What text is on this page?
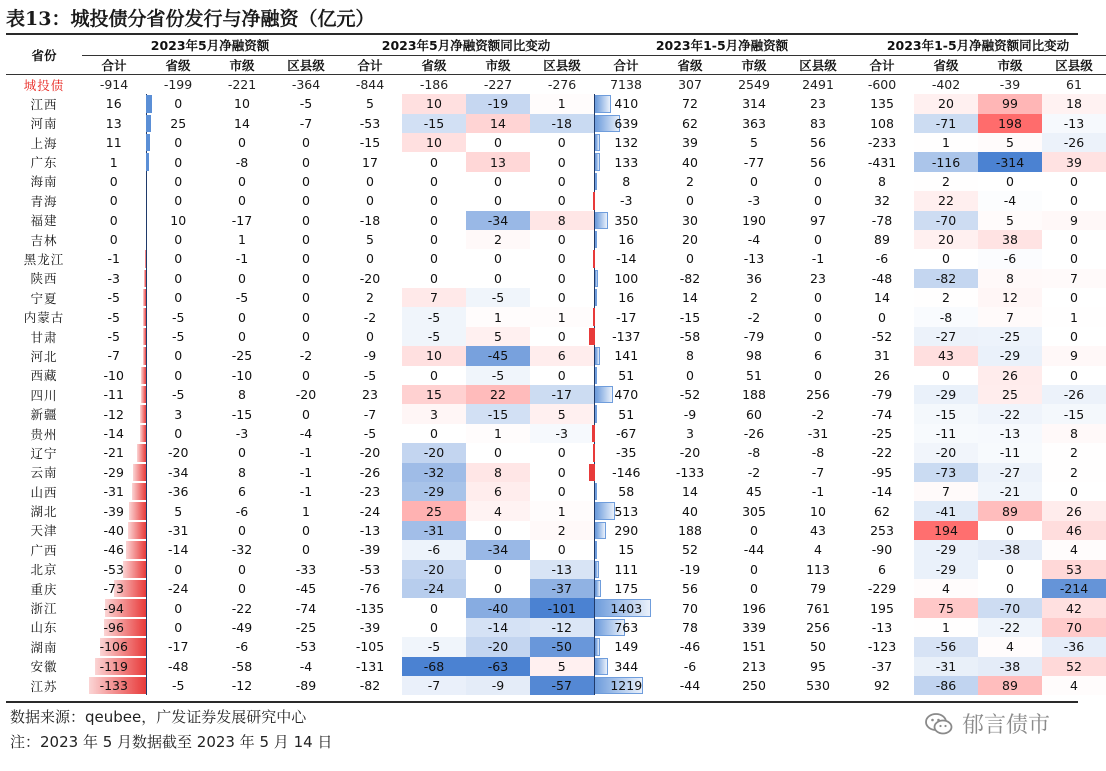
表13：城投债分省份发行与净融资（亿元）
省份	2023年5月净融资额				2023年5月净融资额同比变动				2023年1-5月净融资额				2023年1-5月净融资额同比变动			
	合计	省级	市级	区县级	合计	省级	市级	区县级	合计	省级	市级	区县级	合计	省级	市级	区县级
城投债	-914	-199	-221	-364	-844	-186	-227	-276	7138	307	2549	2491	-600	-402	-39	61
江西	16	0	10	-5	5	10	-19	1	410	72	314	23	135	20	99	18
河南	13	25	14	-7	-53	-15	14	-18	639	62	363	83	108	-71	198	-13
上海	11	0	0	0	-15	10	0	0	132	39	5	56	-233	1	5	-26
广东	1	0	-8	0	17	0	13	0	133	40	-77	56	-431	-116	-314	39
海南	0	0	0	0	0	0	0	0	8	2	0	0	8	2	0	0
青海	0	0	0	0	0	0	0	0	-3	0	-3	0	32	22	-4	0
福建	0	10	-17	0	-18	0	-34	8	350	30	190	97	-78	-70	5	9
吉林	0	0	1	0	5	0	2	0	16	20	-4	0	89	20	38	0
黑龙江	-1	0	-1	0	0	0	0	0	-14	0	-13	-1	-6	0	-6	0
陕西	-3	0	0	0	-20	0	0	0	100	-82	36	23	-48	-82	8	7
宁夏	-5	0	-5	0	2	7	-5	0	16	14	2	0	14	2	12	0
内蒙古	-5	-5	0	0	-2	-5	1	1	-17	-15	-2	0	0	-8	7	1
甘肃	-5	-5	0	0	0	-5	5	0	-137	-58	-79	0	-52	-27	-25	0
河北	-7	0	-25	-2	-9	10	-45	6	141	8	98	6	31	43	-29	9
西藏	-10	0	-10	0	-5	0	-5	0	51	0	51	0	26	0	26	0
四川	-11	-5	8	-20	23	15	22	-17	470	-52	188	256	-79	-29	25	-26
新疆	-12	3	-15	0	-7	3	-15	5	51	-9	60	-2	-74	-15	-22	-15
贵州	-14	0	-3	-4	-5	0	1	-3	-67	3	-26	-31	-25	-11	-13	8
辽宁	-21	-20	0	-1	-20	-20	0	0	-35	-20	-8	-8	-22	-20	-11	2
云南	-29	-34	8	-1	-26	-32	8	0	-146	-133	-2	-7	-95	-73	-27	2
山西	-31	-36	6	-1	-23	-29	6	0	58	14	45	-1	-14	7	-21	0
湖北	-39	5	-6	1	-24	25	4	1	513	40	305	10	62	-41	89	26
天津	-40	-31	0	0	-13	-31	0	2	290	188	0	43	253	194	0	46
广西	-46	-14	-32	0	-39	-6	-34	0	15	52	-44	4	-90	-29	-38	4
北京	-53	0	0	-33	-53	-20	0	-13	111	-19	0	113	6	-29	0	53
重庆	-73	-24	0	-45	-76	-24	0	-37	175	56	0	79	-229	4	0	-214
浙江	-94	0	-22	-74	-135	0	-40	-101	1403	70	196	761	195	75	-70	42
山东	-96	0	-49	-25	-39	0	-14	-12	763	78	339	256	-13	1	-22	70
湖南	-106	-17	-6	-53	-105	-5	-20	-50	149	-46	151	50	-123	-56	4	-36
安徽	-119	-48	-58	-4	-131	-68	-63	5	344	-6	213	95	-37	-31	-38	52
江苏	-133	-5	-12	-89	-82	-7	-9	-57	1219	-44	250	530	92	-86	89	4
数据来源：qeubee，广发证券发展研究中心
注：2023 年 5 月数据截至 2023 年 5 月 14 日
郁言债市
